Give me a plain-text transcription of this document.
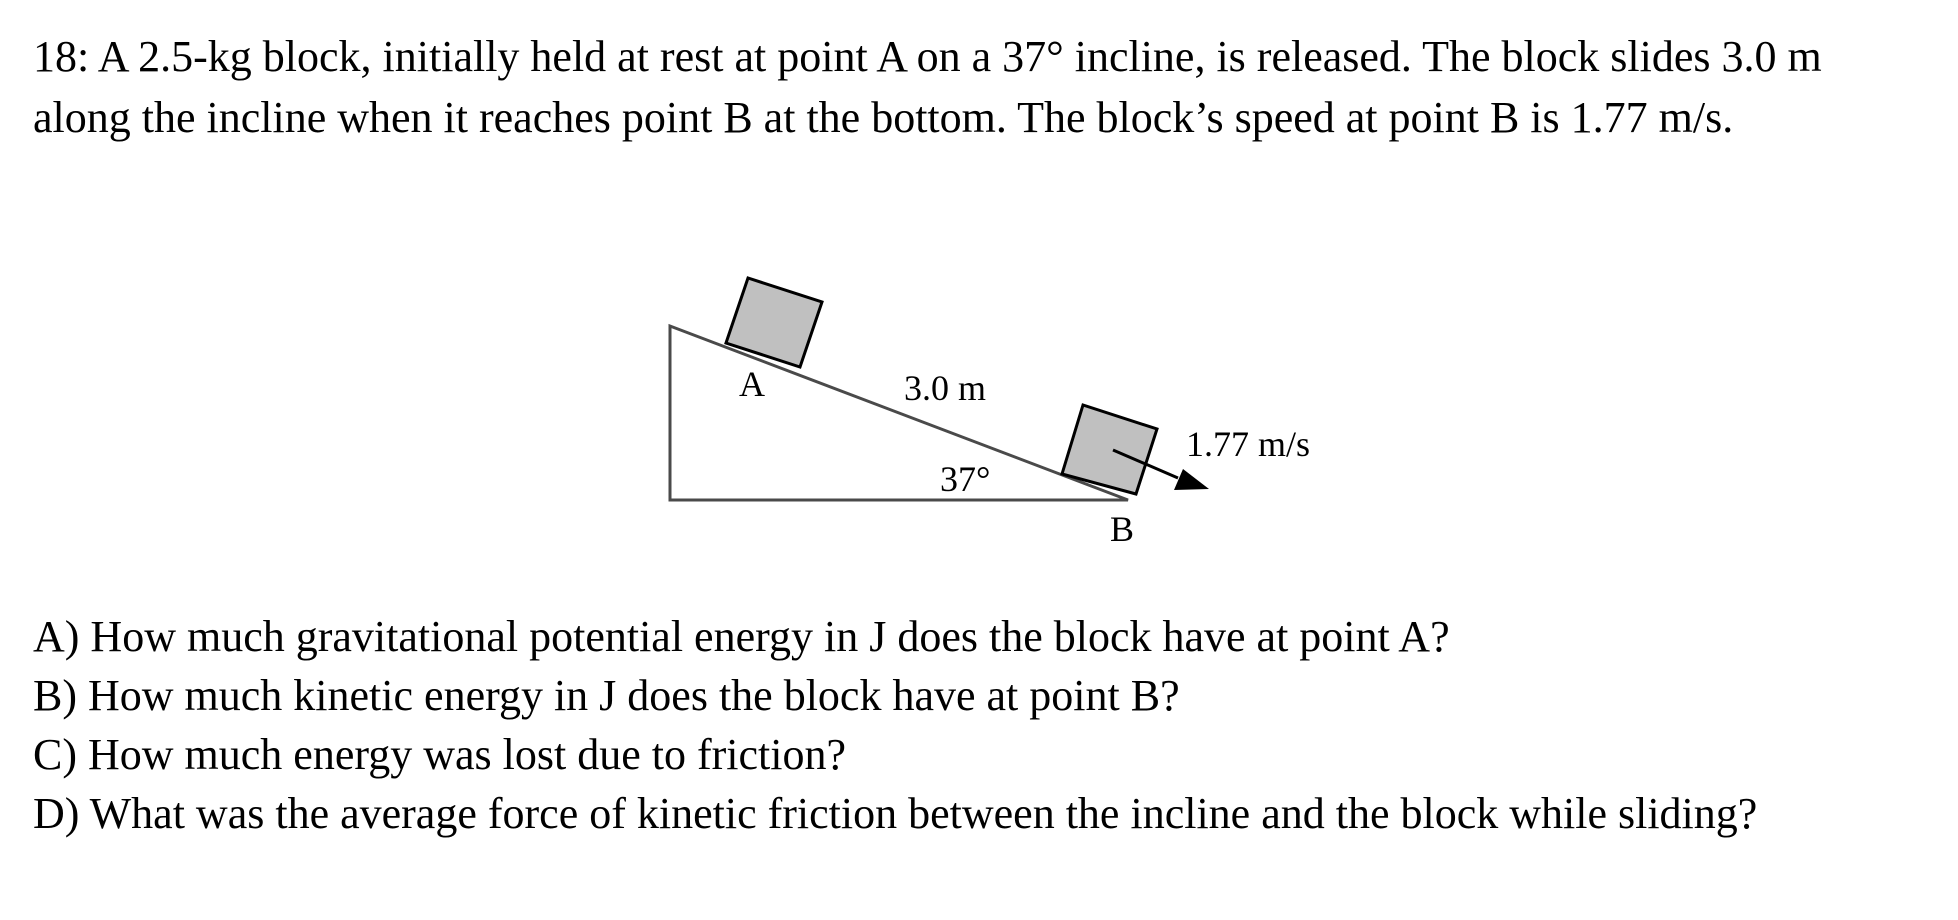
18: A 2.5-kg block, initially held at rest at point A on a 37° incline, is released. The block slides 3.0 m along the incline when it reaches point B at the bottom. The block’s speed at point B is 1.77 m/s.

A	3.0 m
37°
1.77 m/s
B

A) How much gravitational potential energy in J does the block have at point A?

B) How much kinetic energy in J does the block have at point B?

C) How much energy was lost due to friction?

D) What was the average force of kinetic friction between the incline and the block while sliding?
